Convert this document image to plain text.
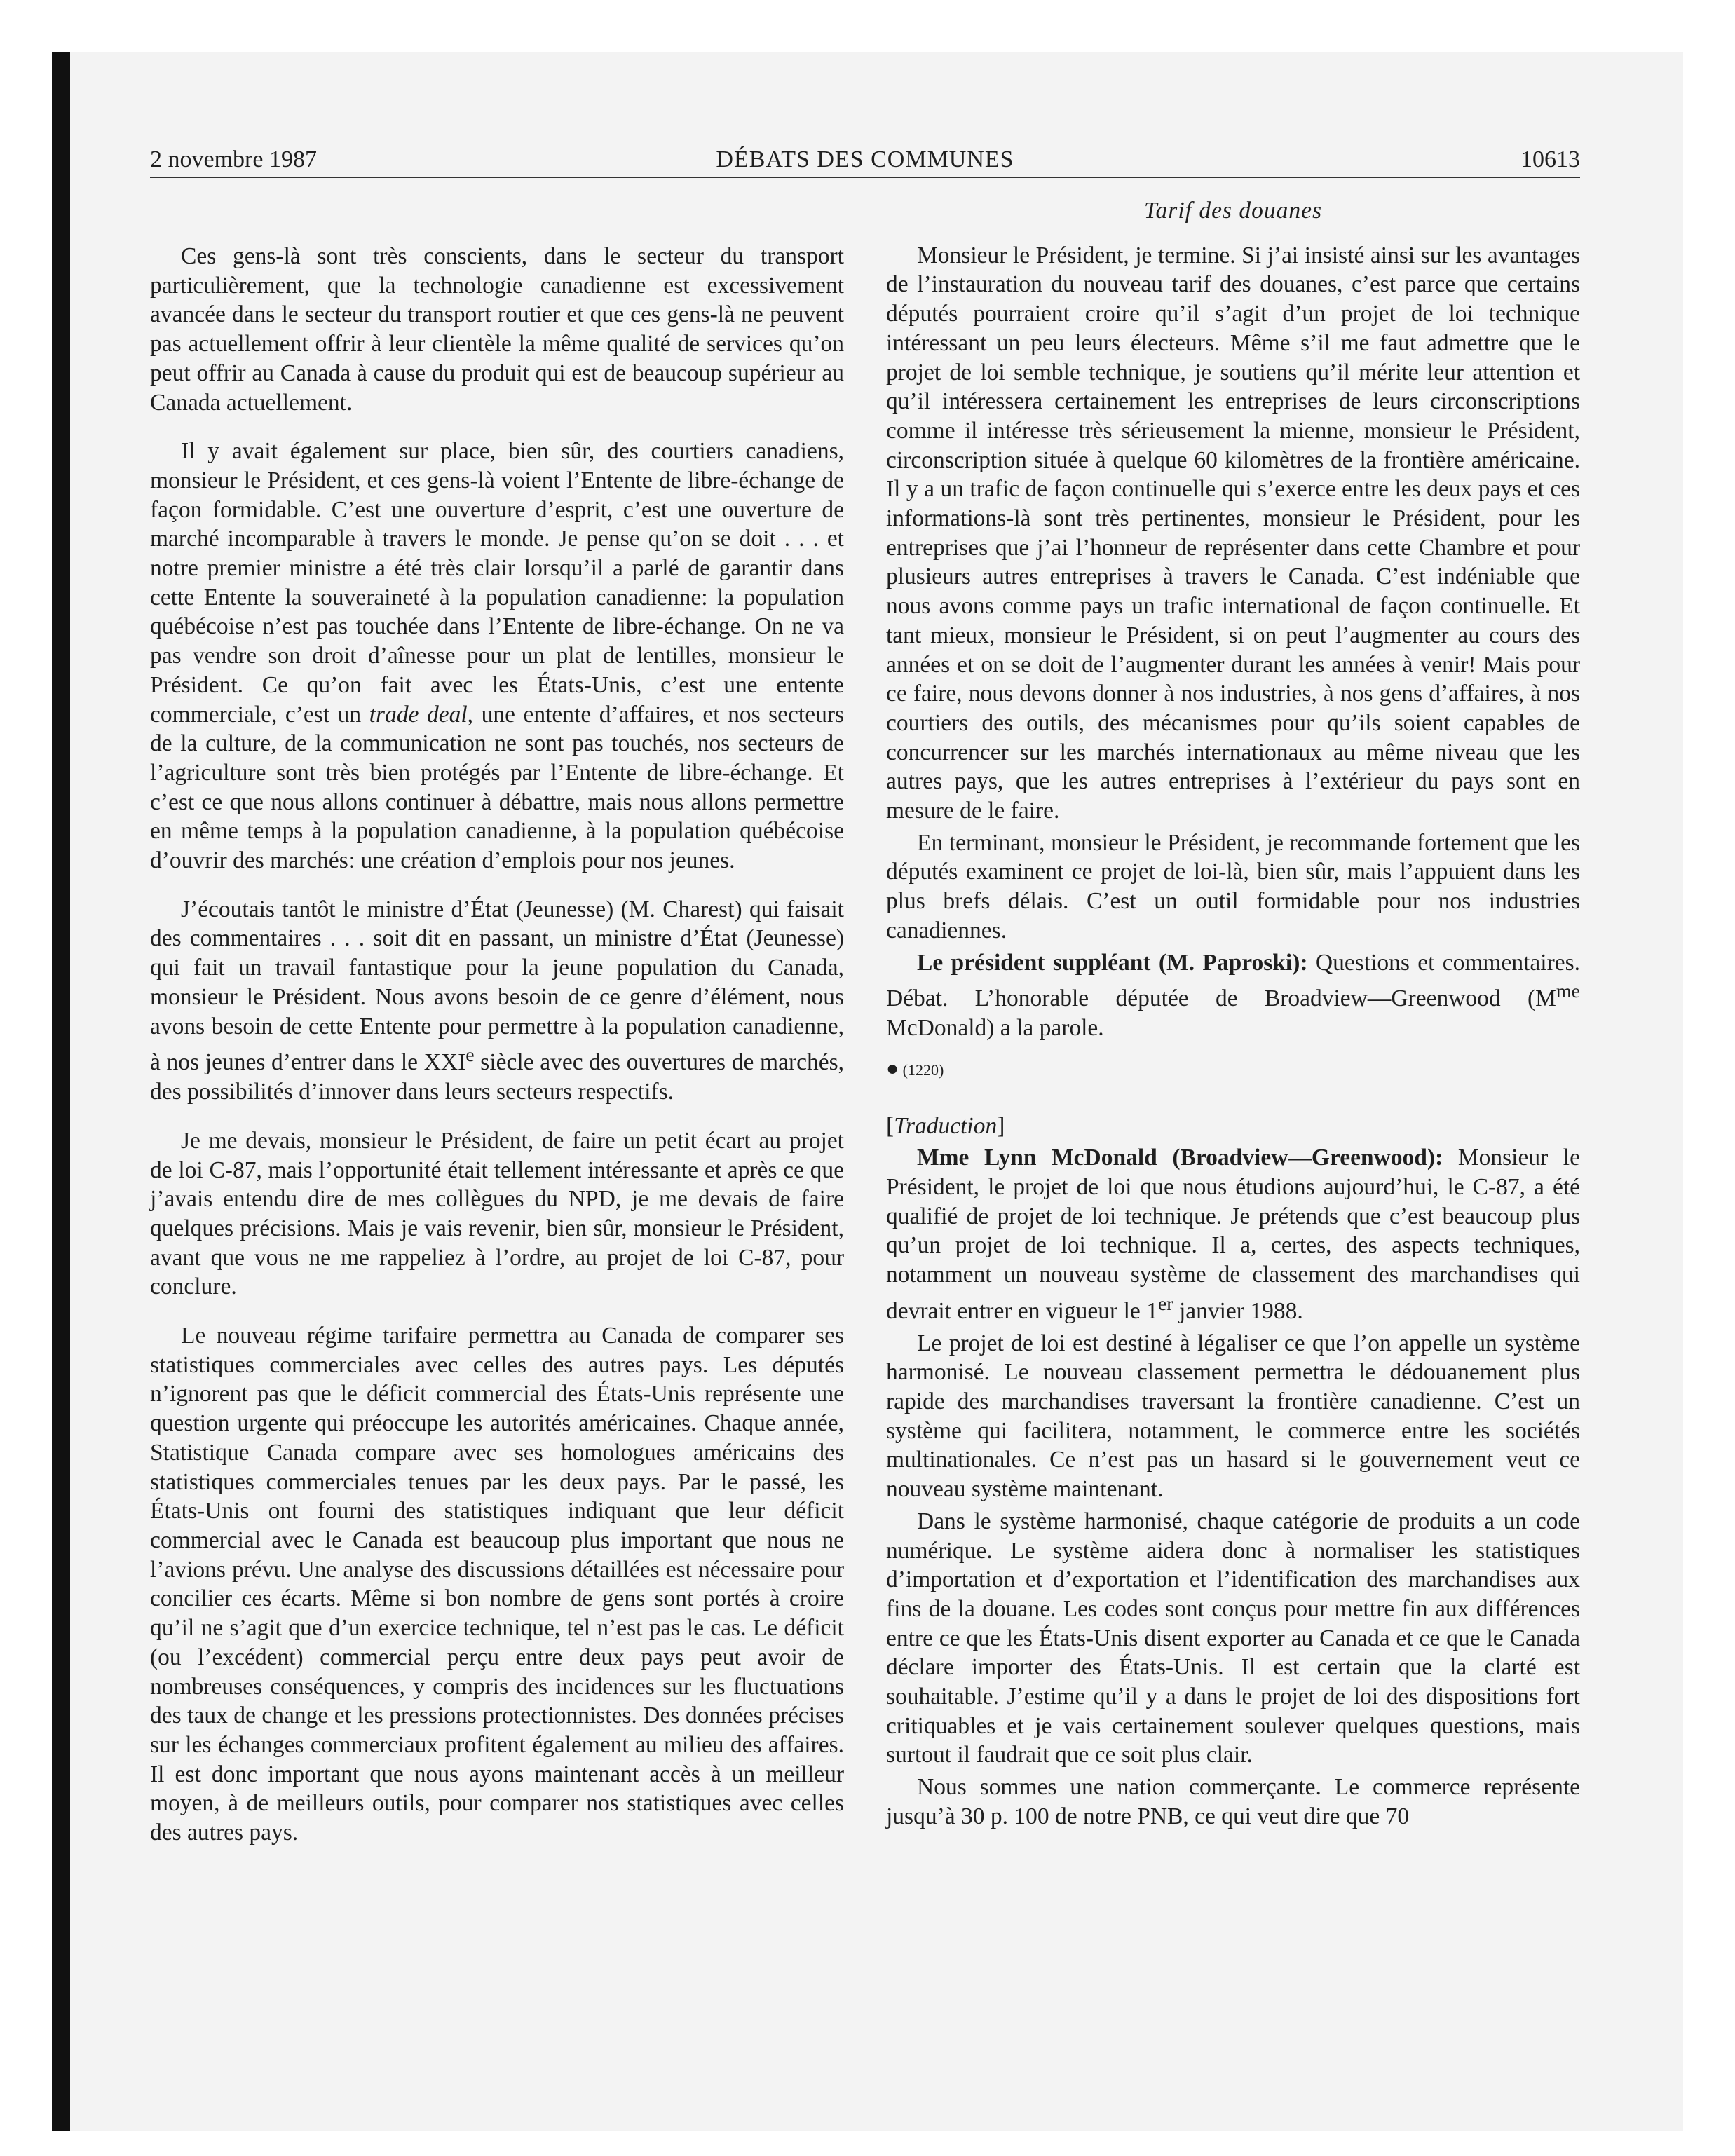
2 novembre 1987	DÉBATS DES COMMUNES	10613

Ces gens-là sont très conscients, dans le secteur du transport particulièrement, que la technologie canadienne est excessivement avancée dans le secteur du transport routier et que ces gens-là ne peuvent pas actuellement offrir à leur clientèle la même qualité de services qu’on peut offrir au Canada à cause du produit qui est de beaucoup supérieur au Canada actuellement.

Il y avait également sur place, bien sûr, des courtiers canadiens, monsieur le Président, et ces gens-là voient l’Entente de libre-échange de façon formidable. C’est une ouverture d’esprit, c’est une ouverture de marché incomparable à travers le monde. Je pense qu’on se doit . . . et notre premier ministre a été très clair lorsqu’il a parlé de garantir dans cette Entente la souveraineté à la population canadienne: la population québécoise n’est pas touchée dans l’Entente de libre-échange. On ne va pas vendre son droit d’aînesse pour un plat de lentilles, monsieur le Président. Ce qu’on fait avec les États-Unis, c’est une entente commerciale, c’est un trade deal, une entente d’affaires, et nos secteurs de la culture, de la communication ne sont pas touchés, nos secteurs de l’agriculture sont très bien protégés par l’Entente de libre-échange. Et c’est ce que nous allons continuer à débattre, mais nous allons permettre en même temps à la population canadienne, à la population québécoise d’ouvrir des marchés: une création d’emplois pour nos jeunes.

J’écoutais tantôt le ministre d’État (Jeunesse) (M. Charest) qui faisait des commentaires . . . soit dit en passant, un ministre d’État (Jeunesse) qui fait un travail fantastique pour la jeune population du Canada, monsieur le Président. Nous avons besoin de ce genre d’élément, nous avons besoin de cette Entente pour permettre à la population canadienne, à nos jeunes d’entrer dans le XXIe siècle avec des ouvertures de marchés, des possibilités d’innover dans leurs secteurs respectifs.

Je me devais, monsieur le Président, de faire un petit écart au projet de loi C-87, mais l’opportunité était tellement intéressante et après ce que j’avais entendu dire de mes collègues du NPD, je me devais de faire quelques précisions. Mais je vais revenir, bien sûr, monsieur le Président, avant que vous ne me rappeliez à l’ordre, au projet de loi C-87, pour conclure.

Le nouveau régime tarifaire permettra au Canada de comparer ses statistiques commerciales avec celles des autres pays. Les députés n’ignorent pas que le déficit commercial des États-Unis représente une question urgente qui préoccupe les autorités américaines. Chaque année, Statistique Canada compare avec ses homologues américains des statistiques commerciales tenues par les deux pays. Par le passé, les États-Unis ont fourni des statistiques indiquant que leur déficit commercial avec le Canada est beaucoup plus important que nous ne l’avions prévu. Une analyse des discussions détaillées est nécessaire pour concilier ces écarts. Même si bon nombre de gens sont portés à croire qu’il ne s’agit que d’un exercice technique, tel n’est pas le cas. Le déficit (ou l’excédent) commercial perçu entre deux pays peut avoir de nombreuses conséquences, y compris des incidences sur les fluctuations des taux de change et les pressions protectionnistes. Des données précises sur les échanges commerciaux profitent également au milieu des affaires. Il est donc important que nous ayons maintenant accès à un meilleur moyen, à de meilleurs outils, pour comparer nos statistiques avec celles des autres pays.

Tarif des douanes

Monsieur le Président, je termine. Si j’ai insisté ainsi sur les avantages de l’instauration du nouveau tarif des douanes, c’est parce que certains députés pourraient croire qu’il s’agit d’un projet de loi technique intéressant un peu leurs électeurs. Même s’il me faut admettre que le projet de loi semble technique, je soutiens qu’il mérite leur attention et qu’il intéressera certainement les entreprises de leurs circonscriptions comme il intéresse très sérieusement la mienne, monsieur le Président, circonscription située à quelque 60 kilomètres de la frontière américaine. Il y a un trafic de façon continuelle qui s’exerce entre les deux pays et ces informations-là sont très pertinentes, monsieur le Président, pour les entreprises que j’ai l’honneur de représenter dans cette Chambre et pour plusieurs autres entreprises à travers le Canada. C’est indéniable que nous avons comme pays un trafic international de façon continuelle. Et tant mieux, monsieur le Président, si on peut l’augmenter au cours des années et on se doit de l’augmenter durant les années à venir! Mais pour ce faire, nous devons donner à nos industries, à nos gens d’affaires, à nos courtiers des outils, des mécanismes pour qu’ils soient capables de concurrencer sur les marchés internationaux au même niveau que les autres pays, que les autres entreprises à l’extérieur du pays sont en mesure de le faire.

En terminant, monsieur le Président, je recommande fortement que les députés examinent ce projet de loi-là, bien sûr, mais l’appuient dans les plus brefs délais. C’est un outil formidable pour nos industries canadiennes.

Le président suppléant (M. Paproski): Questions et commentaires. Débat. L’honorable députée de Broadview—Greenwood ($M^{me}$ McDonald) a la parole.

● (1220)

[Traduction]

Mme Lynn McDonald (Broadview—Greenwood): Monsieur le Président, le projet de loi que nous étudions aujourd’hui, le C-87, a été qualifié de projet de loi technique. Je prétends que c’est beaucoup plus qu’un projet de loi technique. Il a, certes, des aspects techniques, notamment un nouveau système de classement des marchandises qui devrait entrer en vigueur le 1er janvier 1988.

Le projet de loi est destiné à légaliser ce que l’on appelle un système harmonisé. Le nouveau classement permettra le dédouanement plus rapide des marchandises traversant la frontière canadienne. C’est un système qui facilitera, notamment, le commerce entre les sociétés multinationales. Ce n’est pas un hasard si le gouvernement veut ce nouveau système maintenant.

Dans le système harmonisé, chaque catégorie de produits a un code numérique. Le système aidera donc à normaliser les statistiques d’importation et d’exportation et l’identification des marchandises aux fins de la douane. Les codes sont conçus pour mettre fin aux différences entre ce que les États-Unis disent exporter au Canada et ce que le Canada déclare importer des États-Unis. Il est certain que la clarté est souhaitable. J’estime qu’il y a dans le projet de loi des dispositions fort critiquables et je vais certainement soulever quelques questions, mais surtout il faudrait que ce soit plus clair.

Nous sommes une nation commerçante. Le commerce représente jusqu’à 30 p. 100 de notre PNB, ce qui veut dire que 70
